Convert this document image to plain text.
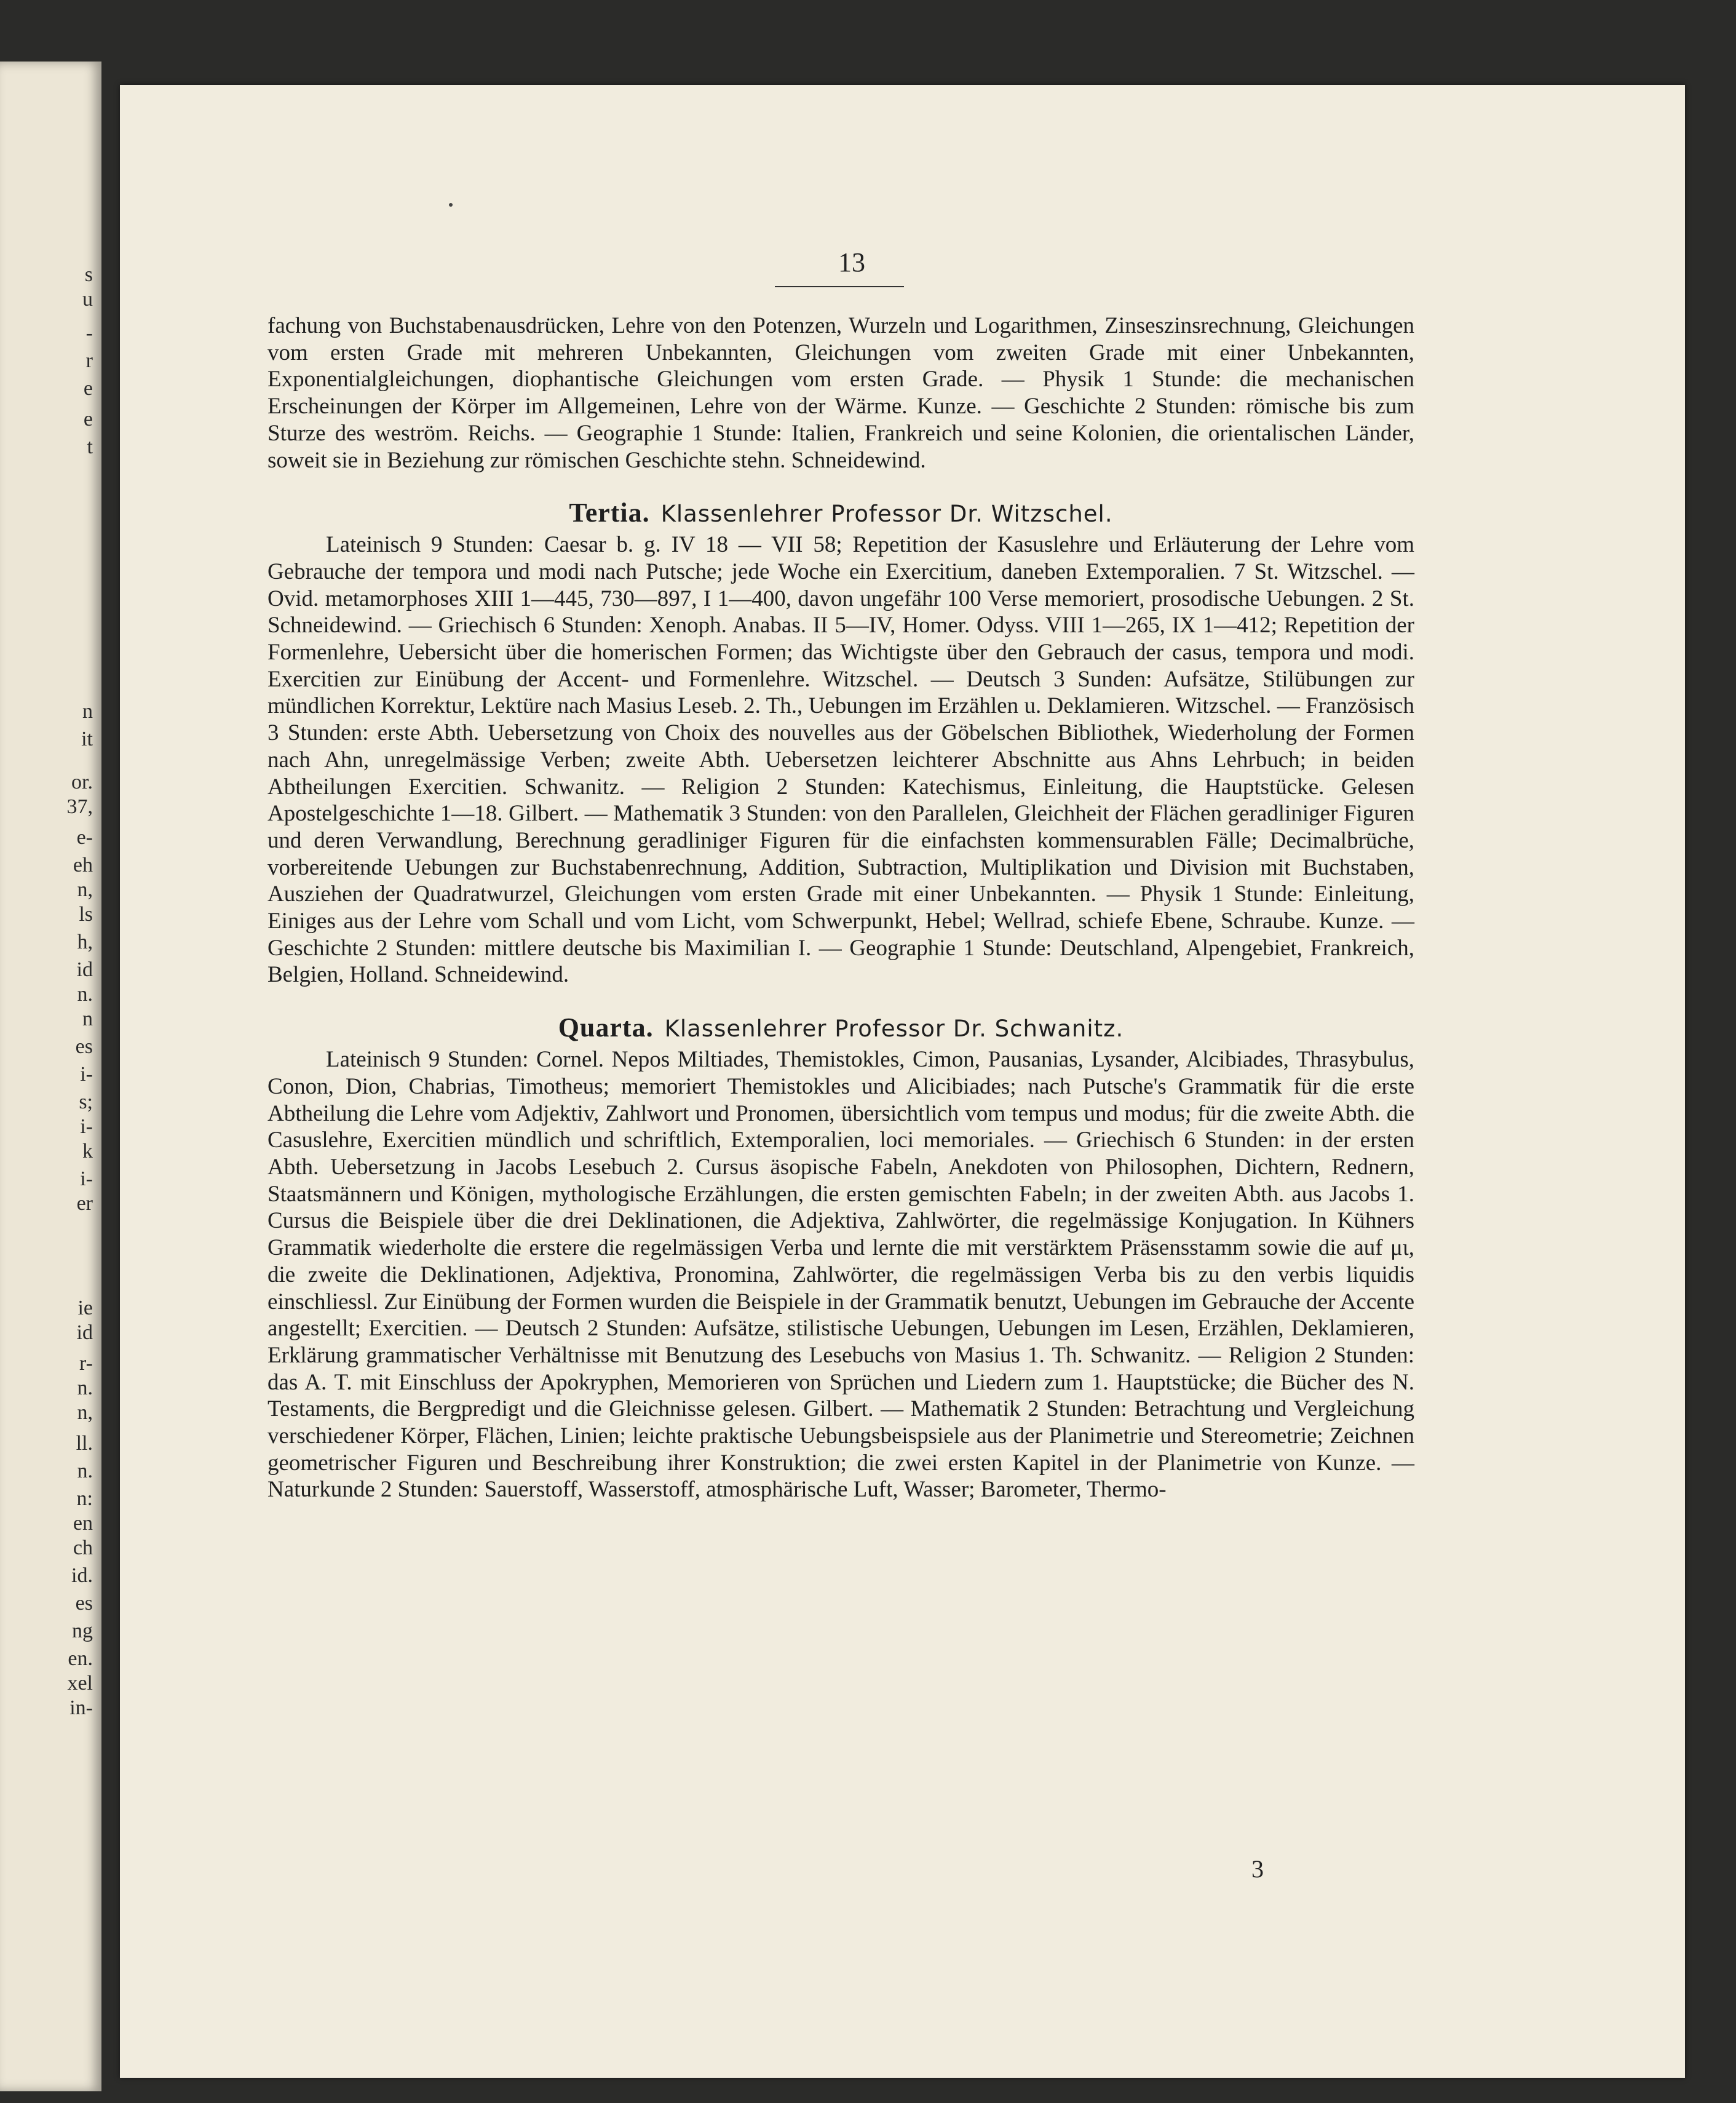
s
u
-
r
e
e
t
n
it
or.
37,
e-
eh
n,
ls
h,
id
n.
n
es
i-
s;
i-
k
i-
er
ie
id
r-
n.
n,
ll.
n.
n:
en
ch
id.
es
ng
en.
xel
in-
13

fachung von Buchstabenausdrücken, Lehre von den Potenzen, Wurzeln und Logarithmen, Zinseszinsrechnung, Gleichungen vom ersten Grade mit mehreren Unbekannten, Gleichungen vom zweiten Grade mit einer Unbekannten, Exponentialgleichungen, diophantische Gleichungen vom ersten Grade. — Physik 1 Stunde: die mechanischen Erscheinungen der Körper im Allgemeinen, Lehre von der Wärme. Kunze. — Geschichte 2 Stunden: römische bis zum Sturze des weström. Reichs. — Geographie 1 Stunde: Italien, Frankreich und seine Kolonien, die orientalischen Länder, soweit sie in Beziehung zur römischen Geschichte stehn. Schneidewind.

Tertia. Klassenlehrer Professor Dr. Witzschel.

Lateinisch 9 Stunden: Caesar b. g. IV 18 — VII 58; Repetition der Kasuslehre und Erläuterung der Lehre vom Gebrauche der tempora und modi nach Putsche; jede Woche ein Exercitium, daneben Extemporalien. 7 St. Witzschel. — Ovid. metamorphoses XIII 1—445, 730—897, I 1—400, davon ungefähr 100 Verse memoriert, prosodische Uebungen. 2 St. Schneidewind. — Griechisch 6 Stunden: Xenoph. Anabas. II 5—IV, Homer. Odyss. VIII 1—265, IX 1—412; Repetition der Formenlehre, Uebersicht über die homerischen Formen; das Wichtigste über den Gebrauch der casus, tempora und modi. Exercitien zur Einübung der Accent- und Formenlehre. Witzschel. — Deutsch 3 Sunden: Aufsätze, Stilübungen zur mündlichen Korrektur, Lektüre nach Masius Leseb. 2. Th., Uebungen im Erzählen u. Deklamieren. Witzschel. — Französisch 3 Stunden: erste Abth. Uebersetzung von Choix des nouvelles aus der Göbelschen Bibliothek, Wiederholung der Formen nach Ahn, unregelmässige Verben; zweite Abth. Uebersetzen leichterer Abschnitte aus Ahns Lehrbuch; in beiden Abtheilungen Exercitien. Schwanitz. — Religion 2 Stunden: Katechismus, Einleitung, die Hauptstücke. Gelesen Apostelgeschichte 1—18. Gilbert. — Mathematik 3 Stunden: von den Parallelen, Gleichheit der Flächen geradliniger Figuren und deren Verwandlung, Berechnung geradliniger Figuren für die einfachsten kommensurablen Fälle; Decimalbrüche, vorbereitende Uebungen zur Buchstabenrechnung, Addition, Subtraction, Multiplikation und Division mit Buchstaben, Ausziehen der Quadratwurzel, Gleichungen vom ersten Grade mit einer Unbekannten. — Physik 1 Stunde: Einleitung, Einiges aus der Lehre vom Schall und vom Licht, vom Schwerpunkt, Hebel; Wellrad, schiefe Ebene, Schraube. Kunze. — Geschichte 2 Stunden: mittlere deutsche bis Maximilian I. — Geographie 1 Stunde: Deutschland, Alpengebiet, Frankreich, Belgien, Holland. Schneidewind.

Quarta. Klassenlehrer Professor Dr. Schwanitz.

Lateinisch 9 Stunden: Cornel. Nepos Miltiades, Themistokles, Cimon, Pausanias, Lysander, Alcibiades, Thrasybulus, Conon, Dion, Chabrias, Timotheus; memoriert Themistokles und Alicibiades; nach Putsche's Grammatik für die erste Abtheilung die Lehre vom Adjektiv, Zahlwort und Pronomen, übersichtlich vom tempus und modus; für die zweite Abth. die Casuslehre, Exercitien mündlich und schriftlich, Extemporalien, loci memoriales. — Griechisch 6 Stunden: in der ersten Abth. Uebersetzung in Jacobs Lesebuch 2. Cursus äsopische Fabeln, Anekdoten von Philosophen, Dichtern, Rednern, Staatsmännern und Königen, mythologische Erzählungen, die ersten gemischten Fabeln; in der zweiten Abth. aus Jacobs 1. Cursus die Beispiele über die drei Deklinationen, die Adjektiva, Zahlwörter, die regelmässige Konjugation. In Kühners Grammatik wiederholte die erstere die regelmässigen Verba und lernte die mit verstärktem Präsensstamm sowie die auf μι, die zweite die Deklinationen, Adjektiva, Pronomina, Zahlwörter, die regelmässigen Verba bis zu den verbis liquidis einschliessl. Zur Einübung der Formen wurden die Beispiele in der Grammatik benutzt, Uebungen im Gebrauche der Accente angestellt; Exercitien. — Deutsch 2 Stunden: Aufsätze, stilistische Uebungen, Uebungen im Lesen, Erzählen, Deklamieren, Erklärung grammatischer Verhältnisse mit Benutzung des Lesebuchs von Masius 1. Th. Schwanitz. — Religion 2 Stunden: das A. T. mit Einschluss der Apokryphen, Memorieren von Sprüchen und Liedern zum 1. Hauptstücke; die Bücher des N. Testaments, die Bergpredigt und die Gleichnisse gelesen. Gilbert. — Mathematik 2 Stunden: Betrachtung und Vergleichung verschiedener Körper, Flächen, Linien; leichte praktische Uebungsbeispsiele aus der Planimetrie und Stereometrie; Zeichnen geometrischer Figuren und Beschreibung ihrer Konstruktion; die zwei ersten Kapitel in der Planimetrie von Kunze. — Naturkunde 2 Stunden: Sauerstoff, Wasserstoff, atmosphärische Luft, Wasser; Barometer, Thermo-

3
